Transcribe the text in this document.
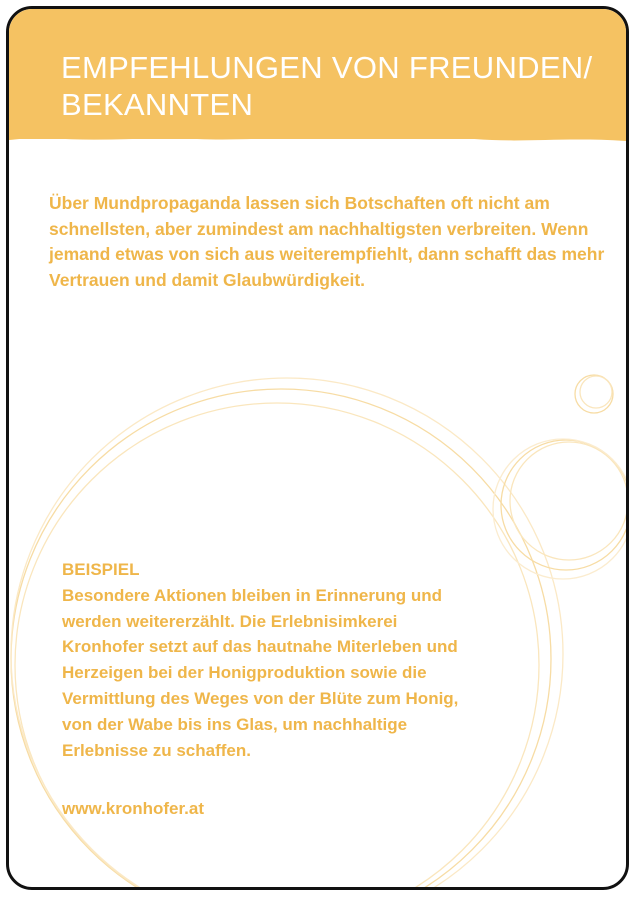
EMPFEHLUNGEN VON FREUNDEN/ BEKANNTEN
Über Mundpropaganda lassen sich Botschaften oft nicht am schnellsten, aber zumindest am nachhaltigsten verbreiten. Wenn jemand etwas von sich aus weiterempfiehlt, dann schafft das mehr Vertrauen und damit Glaubwürdigkeit.
BEISPIEL
Besondere Aktionen bleiben in Erinnerung und werden weitererzählt. Die Erlebnisimkerei Kronhofer setzt auf das hautnahe Miterleben und Herzeigen bei der Honigproduktion sowie die Vermittlung des Weges von der Blüte zum Honig, von der Wabe bis ins Glas, um nachhaltige Erlebnisse zu schaffen.
www.kronhofer.at
